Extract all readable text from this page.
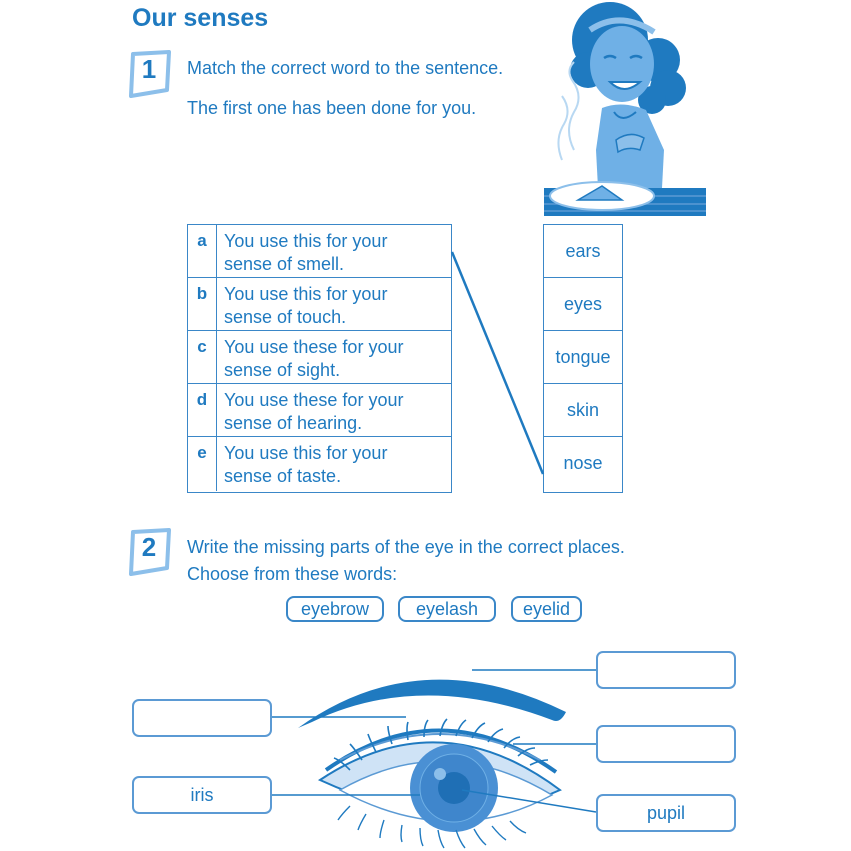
Our senses
1	Match the correct word to the sentence.
The first one has been done for you.
a You use this for your
sense of smell.
b You use this for your
sense of touch.
c You use these for your
sense of sight.
d You use these for your
sense of hearing.
e You use this for your
sense of taste.
ears
eyes
tongue
skin
nose
2	Write the missing parts of the eye in the correct places.
Choose from these words:
eyebrow	eyelash	eyelid
iris
pupil
